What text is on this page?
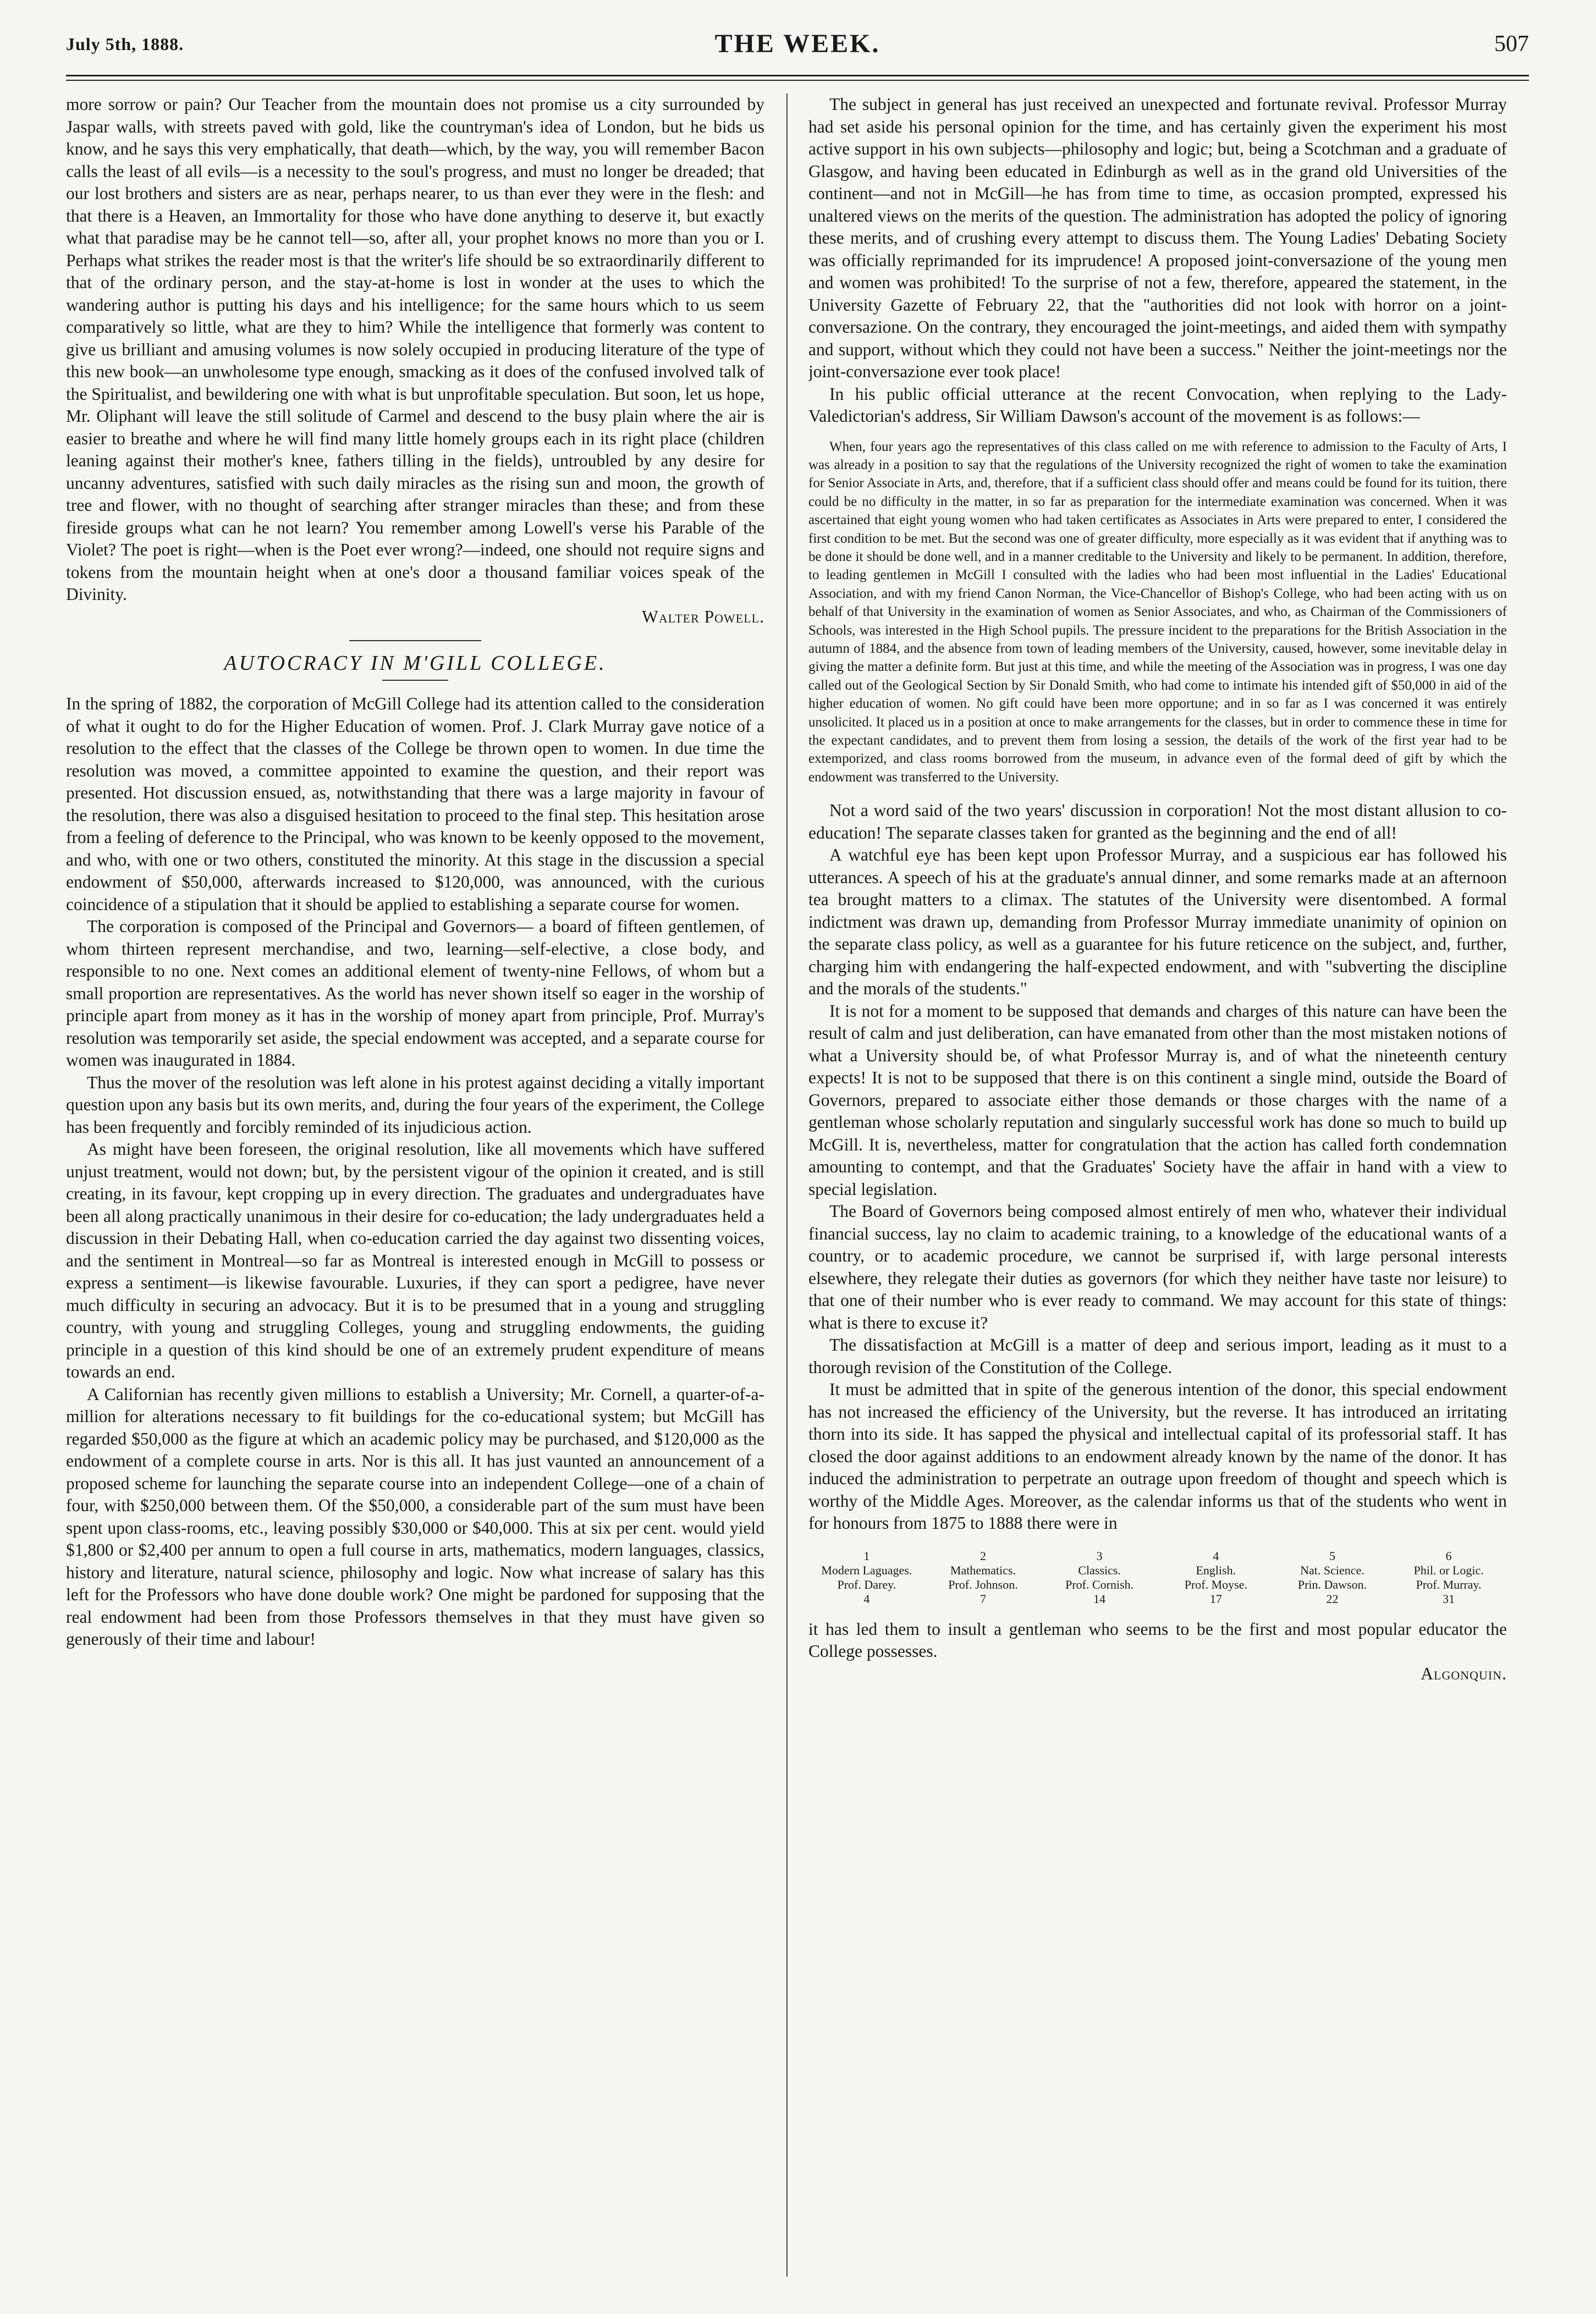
July 5th, 1888.	THE WEEK.	507

more sorrow or pain? Our Teacher from the mountain does not promise us a city surrounded by Jaspar walls, with streets paved with gold, like the countryman's idea of London, but he bids us know, and he says this very emphatically, that death—which, by the way, you will remember Bacon calls the least of all evils—is a necessity to the soul's progress, and must no longer be dreaded; that our lost brothers and sisters are as near, perhaps nearer, to us than ever they were in the flesh: and that there is a Heaven, an Immortality for those who have done anything to deserve it, but exactly what that paradise may be he cannot tell—so, after all, your prophet knows no more than you or I. Perhaps what strikes the reader most is that the writer's life should be so extraordinarily different to that of the ordinary person, and the stay-at-home is lost in wonder at the uses to which the wandering author is putting his days and his intelligence; for the same hours which to us seem comparatively so little, what are they to him? While the intelligence that formerly was content to give us brilliant and amusing volumes is now solely occupied in producing literature of the type of this new book—an unwholesome type enough, smacking as it does of the confused involved talk of the Spiritualist, and bewildering one with what is but unprofitable speculation. But soon, let us hope, Mr. Oliphant will leave the still solitude of Carmel and descend to the busy plain where the air is easier to breathe and where he will find many little homely groups each in its right place (children leaning against their mother's knee, fathers tilling in the fields), untroubled by any desire for uncanny adventures, satisfied with such daily miracles as the rising sun and moon, the growth of tree and flower, with no thought of searching after stranger miracles than these; and from these fireside groups what can he not learn? You remember among Lowell's verse his Parable of the Violet? The poet is right—when is the Poet ever wrong?—indeed, one should not require signs and tokens from the mountain height when at one's door a thousand familiar voices speak of the Divinity.

Walter Powell.
AUTOCRACY IN M'GILL COLLEGE.

In the spring of 1882, the corporation of McGill College had its attention called to the consideration of what it ought to do for the Higher Education of women. Prof. J. Clark Murray gave notice of a resolution to the effect that the classes of the College be thrown open to women. In due time the resolution was moved, a committee appointed to examine the question, and their report was presented. Hot discussion ensued, as, notwithstanding that there was a large majority in favour of the resolution, there was also a disguised hesitation to proceed to the final step. This hesitation arose from a feeling of deference to the Principal, who was known to be keenly opposed to the movement, and who, with one or two others, constituted the minority. At this stage in the discussion a special endowment of $50,000, afterwards increased to $120,000, was announced, with the curious coincidence of a stipulation that it should be applied to establishing a separate course for women.

The corporation is composed of the Principal and Governors— a board of fifteen gentlemen, of whom thirteen represent merchandise, and two, learning—self-elective, a close body, and responsible to no one. Next comes an additional element of twenty-nine Fellows, of whom but a small proportion are representatives. As the world has never shown itself so eager in the worship of principle apart from money as it has in the worship of money apart from principle, Prof. Murray's resolution was temporarily set aside, the special endowment was accepted, and a separate course for women was inaugurated in 1884.

Thus the mover of the resolution was left alone in his protest against deciding a vitally important question upon any basis but its own merits, and, during the four years of the experiment, the College has been frequently and forcibly reminded of its injudicious action.

As might have been foreseen, the original resolution, like all movements which have suffered unjust treatment, would not down; but, by the persistent vigour of the opinion it created, and is still creating, in its favour, kept cropping up in every direction. The graduates and undergraduates have been all along practically unanimous in their desire for co-education; the lady undergraduates held a discussion in their Debating Hall, when co-education carried the day against two dissenting voices, and the sentiment in Montreal—so far as Montreal is interested enough in McGill to possess or express a sentiment—is likewise favourable. Luxuries, if they can sport a pedigree, have never much difficulty in securing an advocacy. But it is to be presumed that in a young and struggling country, with young and struggling Colleges, young and struggling endowments, the guiding principle in a question of this kind should be one of an extremely prudent expenditure of means towards an end.

A Californian has recently given millions to establish a University; Mr. Cornell, a quarter-of-a-million for alterations necessary to fit buildings for the co-educational system; but McGill has regarded $50,000 as the figure at which an academic policy may be purchased, and $120,000 as the endowment of a complete course in arts. Nor is this all. It has just vaunted an announcement of a proposed scheme for launching the separate course into an independent College—one of a chain of four, with $250,000 between them. Of the $50,000, a considerable part of the sum must have been spent upon class-rooms, etc., leaving possibly $30,000 or $40,000. This at six per cent. would yield $1,800 or $2,400 per annum to open a full course in arts, mathematics, modern languages, classics, history and literature, natural science, philosophy and logic. Now what increase of salary has this left for the Professors who have done double work? One might be pardoned for supposing that the real endowment had been from those Professors themselves in that they must have given so generously of their time and labour!

The subject in general has just received an unexpected and fortunate revival. Professor Murray had set aside his personal opinion for the time, and has certainly given the experiment his most active support in his own subjects—philosophy and logic; but, being a Scotchman and a graduate of Glasgow, and having been educated in Edinburgh as well as in the grand old Universities of the continent—and not in McGill—he has from time to time, as occasion prompted, expressed his unaltered views on the merits of the question. The administration has adopted the policy of ignoring these merits, and of crushing every attempt to discuss them. The Young Ladies' Debating Society was officially reprimanded for its imprudence! A proposed joint-conversazione of the young men and women was prohibited! To the surprise of not a few, therefore, appeared the statement, in the University Gazette of February 22, that the "authorities did not look with horror on a joint-conversazione. On the contrary, they encouraged the joint-meetings, and aided them with sympathy and support, without which they could not have been a success." Neither the joint-meetings nor the joint-conversazione ever took place!

In his public official utterance at the recent Convocation, when replying to the Lady-Valedictorian's address, Sir William Dawson's account of the movement is as follows:—

When, four years ago the representatives of this class called on me with reference to admission to the Faculty of Arts, I was already in a position to say that the regulations of the University recognized the right of women to take the examination for Senior Associate in Arts, and, therefore, that if a sufficient class should offer and means could be found for its tuition, there could be no difficulty in the matter, in so far as preparation for the intermediate examination was concerned. When it was ascertained that eight young women who had taken certificates as Associates in Arts were prepared to enter, I considered the first condition to be met. But the second was one of greater difficulty, more especially as it was evident that if anything was to be done it should be done well, and in a manner creditable to the University and likely to be permanent. In addition, therefore, to leading gentlemen in McGill I consulted with the ladies who had been most influential in the Ladies' Educational Association, and with my friend Canon Norman, the Vice-Chancellor of Bishop's College, who had been acting with us on behalf of that University in the examination of women as Senior Associates, and who, as Chairman of the Commissioners of Schools, was interested in the High School pupils. The pressure incident to the preparations for the British Association in the autumn of 1884, and the absence from town of leading members of the University, caused, however, some inevitable delay in giving the matter a definite form. But just at this time, and while the meeting of the Association was in progress, I was one day called out of the Geological Section by Sir Donald Smith, who had come to intimate his intended gift of $50,000 in aid of the higher education of women. No gift could have been more opportune; and in so far as I was concerned it was entirely unsolicited. It placed us in a position at once to make arrangements for the classes, but in order to commence these in time for the expectant candidates, and to prevent them from losing a session, the details of the work of the first year had to be extemporized, and class rooms borrowed from the museum, in advance even of the formal deed of gift by which the endowment was transferred to the University.

Not a word said of the two years' discussion in corporation! Not the most distant allusion to co-education! The separate classes taken for granted as the beginning and the end of all!

A watchful eye has been kept upon Professor Murray, and a suspicious ear has followed his utterances. A speech of his at the graduate's annual dinner, and some remarks made at an afternoon tea brought matters to a climax. The statutes of the University were disentombed. A formal indictment was drawn up, demanding from Professor Murray immediate unanimity of opinion on the separate class policy, as well as a guarantee for his future reticence on the subject, and, further, charging him with endangering the half-expected endowment, and with "subverting the discipline and the morals of the students."

It is not for a moment to be supposed that demands and charges of this nature can have been the result of calm and just deliberation, can have emanated from other than the most mistaken notions of what a University should be, of what Professor Murray is, and of what the nineteenth century expects! It is not to be supposed that there is on this continent a single mind, outside the Board of Governors, prepared to associate either those demands or those charges with the name of a gentleman whose scholarly reputation and singularly successful work has done so much to build up McGill. It is, nevertheless, matter for congratulation that the action has called forth condemnation amounting to contempt, and that the Graduates' Society have the affair in hand with a view to special legislation.

The Board of Governors being composed almost entirely of men who, whatever their individual financial success, lay no claim to academic training, to a knowledge of the educational wants of a country, or to academic procedure, we cannot be surprised if, with large personal interests elsewhere, they relegate their duties as governors (for which they neither have taste nor leisure) to that one of their number who is ever ready to command. We may account for this state of things: what is there to excuse it?

The dissatisfaction at McGill is a matter of deep and serious import, leading as it must to a thorough revision of the Constitution of the College.

It must be admitted that in spite of the generous intention of the donor, this special endowment has not increased the efficiency of the University, but the reverse. It has introduced an irritating thorn into its side. It has sapped the physical and intellectual capital of its professorial staff. It has closed the door against additions to an endowment already known by the name of the donor. It has induced the administration to perpetrate an outrage upon freedom of thought and speech which is worthy of the Middle Ages. Moreover, as the calendar informs us that of the students who went in for honours from 1875 to 1888 there were in

1	2	3	4	5	6
Modern Laguages.	Mathematics.	Classics.	English.	Nat. Science.	Phil. or Logic.
Prof. Darey.	Prof. Johnson.	Prof. Cornish.	Prof. Moyse.	Prin. Dawson.	Prof. Murray.
4	7	14	17	22	31

it has led them to insult a gentleman who seems to be the first and most popular educator the College possesses.

Algonquin.
